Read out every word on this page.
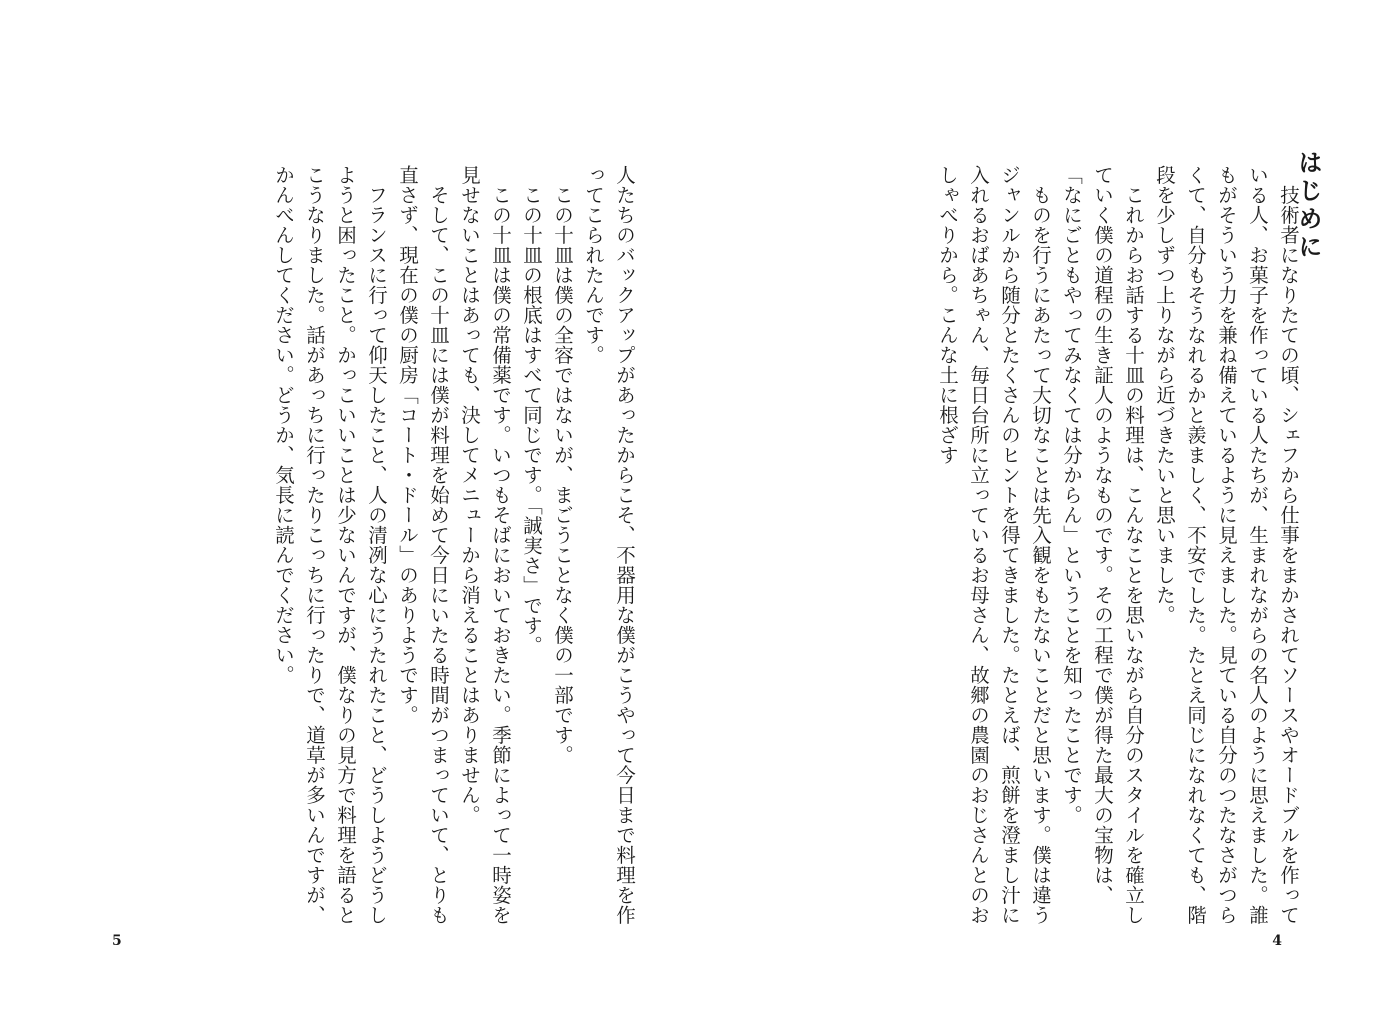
はじめに

技術者になりたての頃、シェフから仕事をまかされてソースやオードブルを作っている人、お菓子を作っている人たちが、生まれながらの名人のように思えました。誰もがそういう力を兼ね備えているように見えました。見ている自分のつたなさがつらくて、自分もそうなれるかと羨ましく、不安でした。たとえ同じになれなくても、階段を少しずつ上りながら近づきたいと思いました。

これからお話する十皿の料理は、こんなことを思いながら自分のスタイルを確立していく僕の道程の生き証人のようなものです。その工程で僕が得た最大の宝物は、「なにごともやってみなくては分からん」ということを知ったことです。

ものを行うにあたって大切なことは先入観をもたないことだと思います。僕は違うジャンルから随分とたくさんのヒントを得てきました。たとえば、煎餅を澄まし汁に入れるおばあちゃん、毎日台所に立っているお母さん、故郷の農園のおじさんとのおしゃべりから。こんな土に根ざす

4

人たちのバックアップがあったからこそ、不器用な僕がこうやって今日まで料理を作ってこられたんです。

この十皿は僕の全容ではないが、まごうことなく僕の一部です。

この十皿の根底はすべて同じです。「誠実さ」です。

この十皿は僕の常備薬です。いつもそばにおいておきたい。季節によって一時姿を見せないことはあっても、決してメニューから消えることはありません。

そして、この十皿には僕が料理を始めて今日にいたる時間がつまっていて、とりも直さず、現在の僕の厨房「コート・ドール」のありようです。

フランスに行って仰天したこと、人の清冽な心にうたれたこと、どうしようどうしようと困ったこと。かっこいいことは少ないんですが、僕なりの見方で料理を語るとこうなりました。話があっちに行ったりこっちに行ったりで、道草が多いんですが、かんべんしてください。どうか、気長に読んでください。

5
